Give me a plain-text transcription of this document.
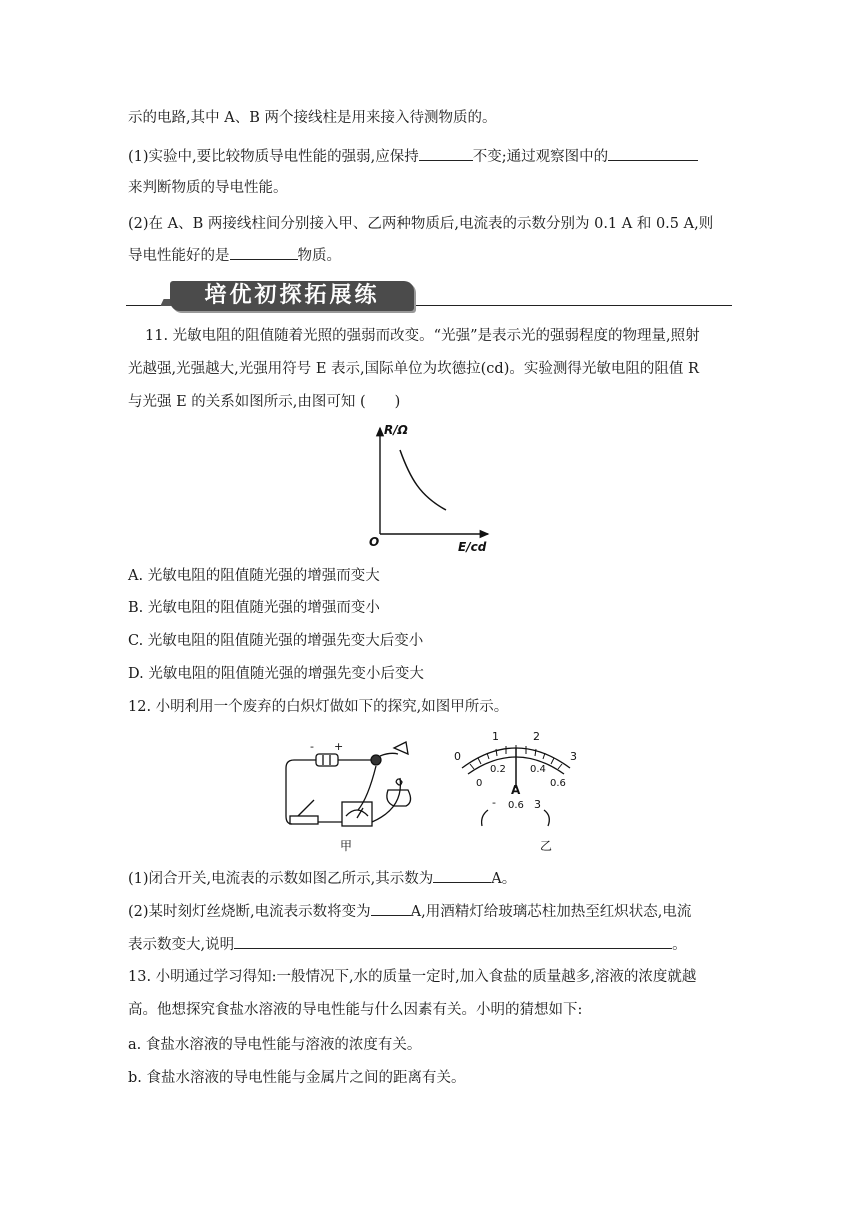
示的电路,其中 A、B 两个接线柱是用来接入待测物质的。
(1)实验中,要比较物质导电性能的强弱,应保持	不变;通过观察图中的
来判断物质的导电性能。
(2)在 A、B 两接线柱间分别接入甲、乙两种物质后,电流表的示数分别为 0.1 A 和 0.5 A,则
导电性能好的是	物质。
培优初探拓展练
11. 光敏电阻的阻值随着光照的强弱而改变。“光强”是表示光的强弱程度的物理量,照射
光越强,光强越大,光强用符号 E 表示,国际单位为坎德拉(cd)。实验测得光敏电阻的阻值 R
与光强 E 的关系如图所示,由图可知 (　　)
R/Ω
E/cd
O
A. 光敏电阻的阻值随光强的增强而变大
B. 光敏电阻的阻值随光强的增强而变小
C. 光敏电阻的阻值随光强的增强先变大后变小
D. 光敏电阻的阻值随光强的增强先变小后变大
12. 小明利用一个废弃的白炽灯做如下的探究,如图甲所示。
- +
甲
0
1	2
3
0
0.2 0.4
0.6
A
- 0.6 3
乙
(1)闭合开关,电流表的示数如图乙所示,其示数为	A。
(2)某时刻灯丝烧断,电流表示数将变为	A,用酒精灯给玻璃芯柱加热至红炽状态,电流
表示数变大,说明	。
13. 小明通过学习得知:一般情况下,水的质量一定时,加入食盐的质量越多,溶液的浓度就越
高。他想探究食盐水溶液的导电性能与什么因素有关。小明的猜想如下:
a. 食盐水溶液的导电性能与溶液的浓度有关。
b. 食盐水溶液的导电性能与金属片之间的距离有关。
